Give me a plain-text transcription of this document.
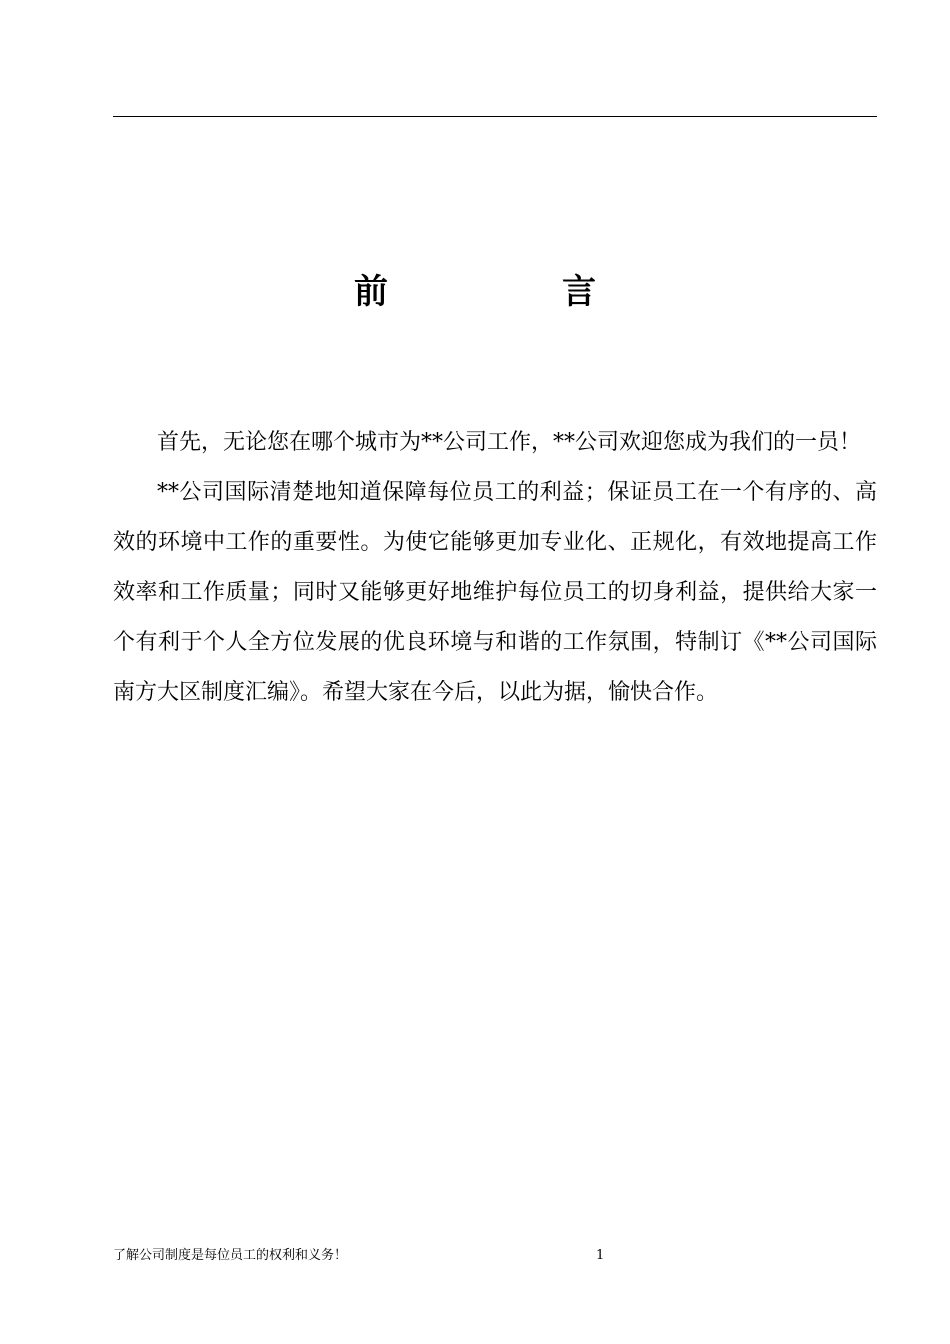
前　言

首先，无论您在哪个城市为**公司工作，**公司欢迎您成为我们的一员！

**公司国际清楚地知道保障每位员工的利益；保证员工在一个有序的、高效的环境中工作的重要性。为使它能够更加专业化、正规化，有效地提高工作效率和工作质量；同时又能够更好地维护每位员工的切身利益，提供给大家一个有利于个人全方位发展的优良环境与和谐的工作氛围，特制订《**公司国际南方大区制度汇编》。希望大家在今后，以此为据，愉快合作。

了解公司制度是每位员工的权利和义务！	1
